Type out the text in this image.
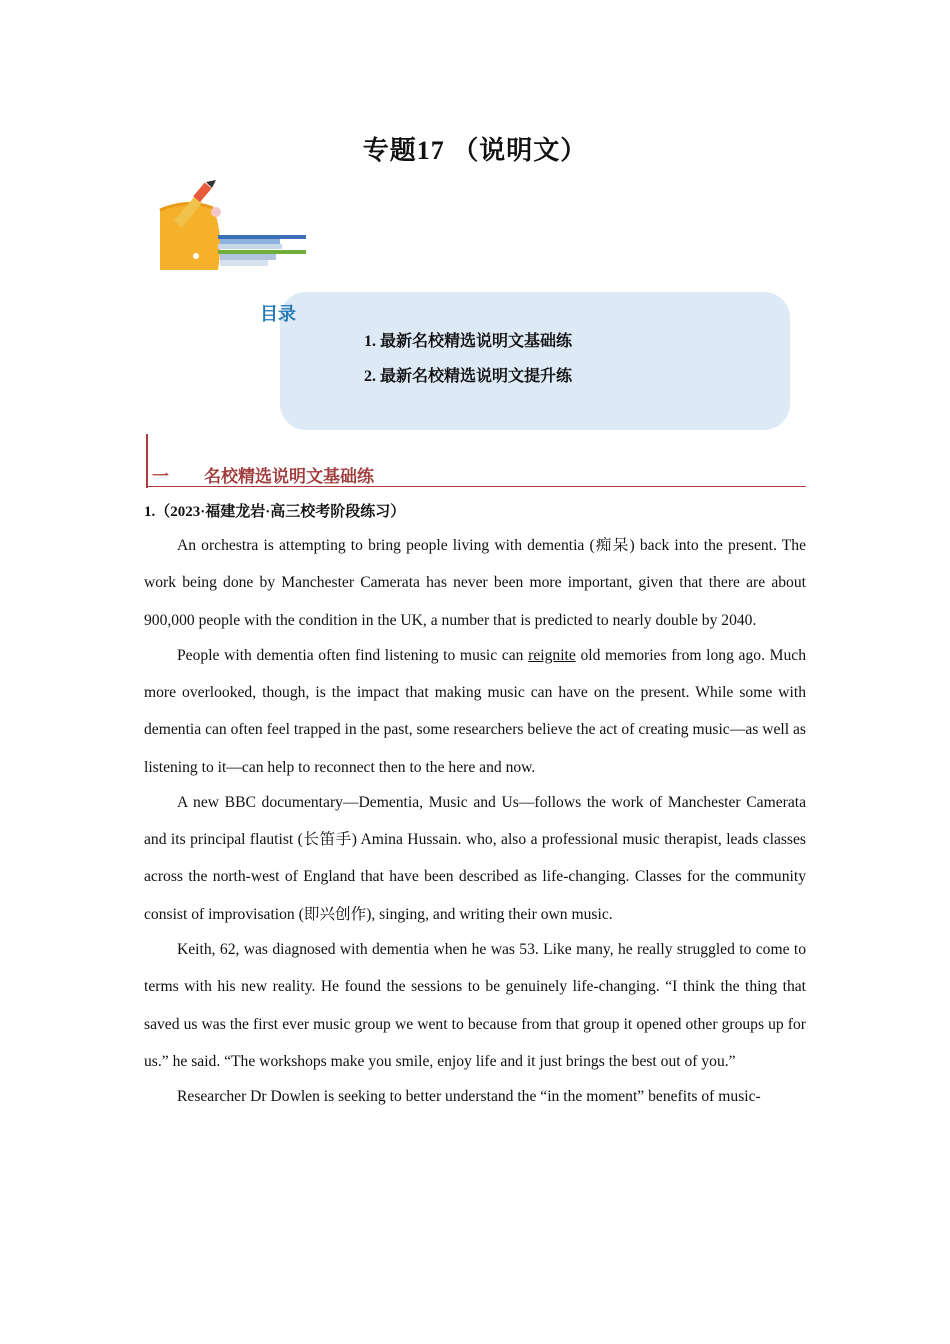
专题17 （说明文）
目录
1. 最新名校精选说明文基础练
2. 最新名校精选说明文提升练
一 名校精选说明文基础练
1.（2023·福建龙岩·高三校考阶段练习）

An orchestra is attempting to bring people living with dementia (痴呆) back into the present. The work being done by Manchester Camerata has never been more important, given that there are about 900,000 people with the condition in the UK, a number that is predicted to nearly double by 2040.

People with dementia often find listening to music can reignite old memories from long ago. Much more overlooked, though, is the impact that making music can have on the present. While some with dementia can often feel trapped in the past, some researchers believe the act of creating music—as well as listening to it—can help to reconnect then to the here and now.

A new BBC documentary—Dementia, Music and Us—follows the work of Manchester Camerata and its principal flautist (长笛手) Amina Hussain. who, also a professional music therapist, leads classes across the north-west of England that have been described as life-changing. Classes for the community consist of improvisation (即兴创作), singing, and writing their own music.

Keith, 62, was diagnosed with dementia when he was 53. Like many, he really struggled to come to terms with his new reality. He found the sessions to be genuinely life-changing. “I think the thing that saved us was the first ever music group we went to because from that group it opened other groups up for us.” he said. “The workshops make you smile, enjoy life and it just brings the best out of you.”

Researcher Dr Dowlen is seeking to better understand the “in the moment” benefits of music-
